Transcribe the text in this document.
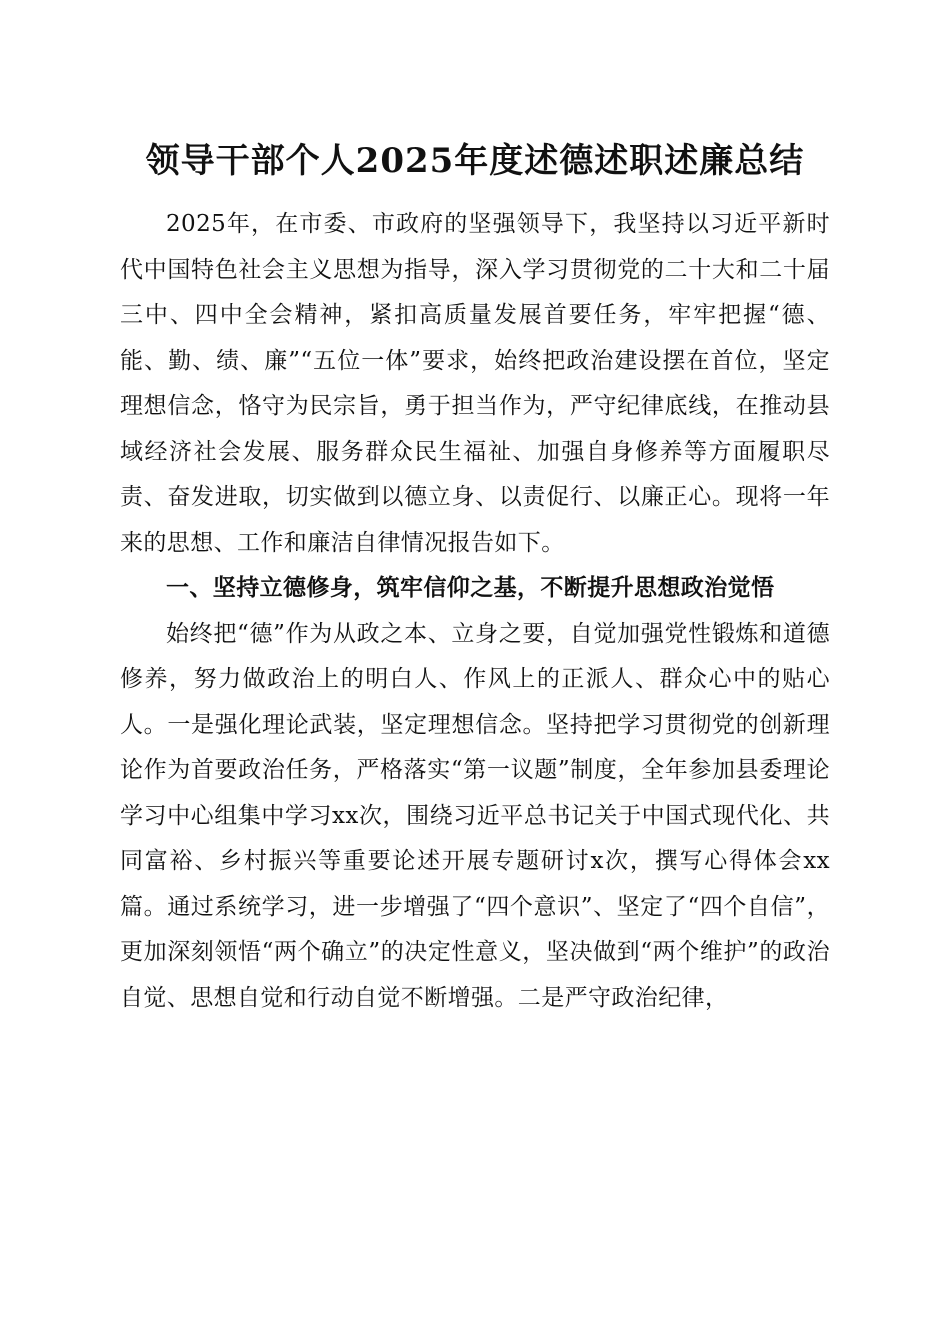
领导干部个人2025年度述德述职述廉总结

2025年，在市委、市政府的坚强领导下，我坚持以习近平新时代中国特色社会主义思想为指导，深入学习贯彻党的二十大和二十届三中、四中全会精神，紧扣高质量发展首要任务，牢牢把握“德、能、勤、绩、廉”“五位一体”要求，始终把政治建设摆在首位，坚定理想信念，恪守为民宗旨，勇于担当作为，严守纪律底线，在推动县域经济社会发展、服务群众民生福祉、加强自身修养等方面履职尽责、奋发进取，切实做到以德立身、以责促行、以廉正心。现将一年来的思想、工作和廉洁自律情况报告如下。

一、坚持立德修身，筑牢信仰之基，不断提升思想政治觉悟

始终把“德”作为从政之本、立身之要，自觉加强党性锻炼和道德修养，努力做政治上的明白人、作风上的正派人、群众心中的贴心人。一是强化理论武装，坚定理想信念。坚持把学习贯彻党的创新理论作为首要政治任务，严格落实“第一议题”制度，全年参加县委理论学习中心组集中学习xx次，围绕习近平总书记关于中国式现代化、共同富裕、乡村振兴等重要论述开展专题研讨x次，撰写心得体会xx篇。通过系统学习，进一步增强了“四个意识”、坚定了“四个自信”，更加深刻领悟“两个确立”的决定性意义，坚决做到“两个维护”的政治自觉、思想自觉和行动自觉不断增强。二是严守政治纪律，
